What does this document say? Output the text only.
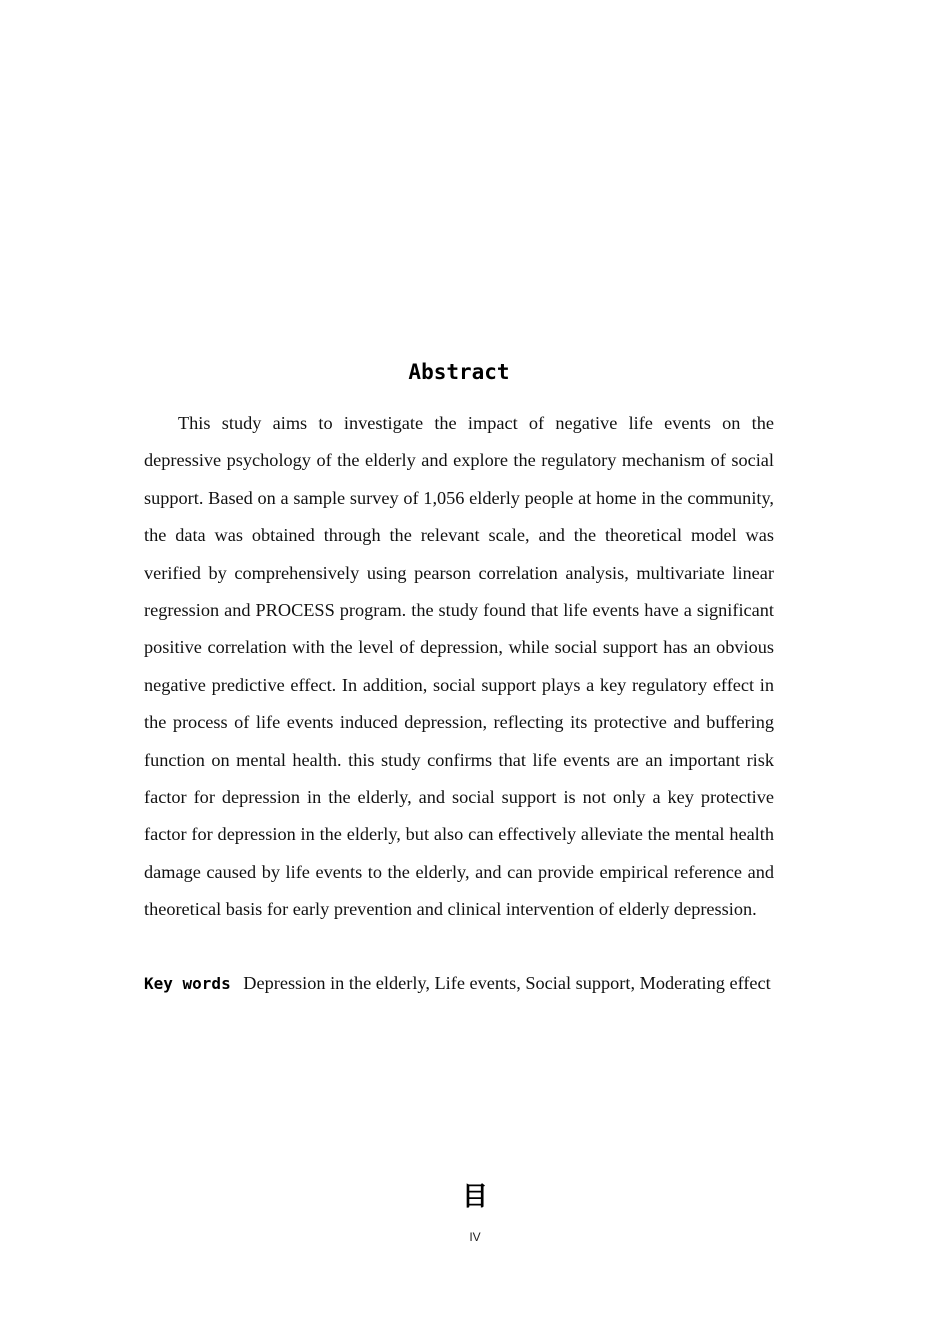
Abstract

This study aims to investigate the impact of negative life events on the depressive psychology of the elderly and explore the regulatory mechanism of social support. Based on a sample survey of 1,056 elderly people at home in the community, the data was obtained through the relevant scale, and the theoretical model was verified by comprehensively using pearson correlation analysis, multivariate linear regression and PROCESS program. the study found that life events have a significant positive correlation with the level of depression, while social support has an obvious negative predictive effect. In addition, social support plays a key regulatory effect in the process of life events induced depression, reflecting its protective and buffering function on mental health. this study confirms that life events are an important risk factor for depression in the elderly, and social support is not only a key protective factor for depression in the elderly, but also can effectively alleviate the mental health damage caused by life events to the elderly, and can provide empirical reference and theoretical basis for early prevention and clinical intervention of elderly depression.

Key words Depression in the elderly, Life events, Social support, Moderating effect

目
IV
